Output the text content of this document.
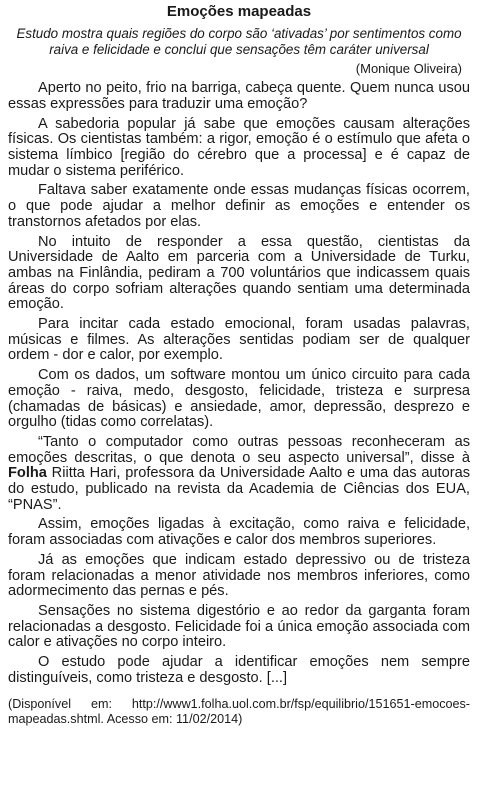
Emoções mapeadas

Estudo mostra quais regiões do corpo são ‘ativadas’ por sentimentos como raiva e felicidade e conclui que sensações têm caráter universal

(Monique Oliveira)

Aperto no peito, frio na barriga, cabeça quente. Quem nunca usou essas expressões para traduzir uma emoção?

A sabedoria popular já sabe que emoções causam alterações físicas. Os cientistas também: a rigor, emoção é o estímulo que afeta o sistema límbico [região do cérebro que a processa] e é capaz de mudar o sistema periférico.

Faltava saber exatamente onde essas mudanças físicas ocorrem, o que pode ajudar a melhor definir as emoções e entender os transtornos afetados por elas.

No intuito de responder a essa questão, cientistas da Universidade de Aalto em parceria com a Universidade de Turku, ambas na Finlândia, pediram a 700 voluntários que indicassem quais áreas do corpo sofriam alterações quando sentiam uma determinada emoção.

Para incitar cada estado emocional, foram usadas palavras, músicas e filmes. As alterações sentidas podiam ser de qualquer ordem - dor e calor, por exemplo.

Com os dados, um software montou um único circuito para cada emoção - raiva, medo, desgosto, felicidade, tristeza e surpresa (chamadas de básicas) e ansiedade, amor, depressão, desprezo e orgulho (tidas como correlatas).

“Tanto o computador como outras pessoas reconheceram as emoções descritas, o que denota o seu aspecto universal”, disse à Folha Riitta Hari, professora da Universidade Aalto e uma das autoras do estudo, publicado na revista da Academia de Ciências dos EUA, “PNAS”.

Assim, emoções ligadas à excitação, como raiva e felicidade, foram associadas com ativações e calor dos membros superiores.

Já as emoções que indicam estado depressivo ou de tristeza foram relacionadas a menor atividade nos membros inferiores, como adormecimento das pernas e pés.

Sensações no sistema digestório e ao redor da garganta foram relacionadas a desgosto. Felicidade foi a única emoção associada com calor e ativações no corpo inteiro.

O estudo pode ajudar a identificar emoções nem sempre distinguíveis, como tristeza e desgosto. [...]

(Disponível em: http://www1.folha.uol.com.br/fsp/equilibrio/151651-emocoes-mapeadas.shtml. Acesso em: 11/02/2014)
